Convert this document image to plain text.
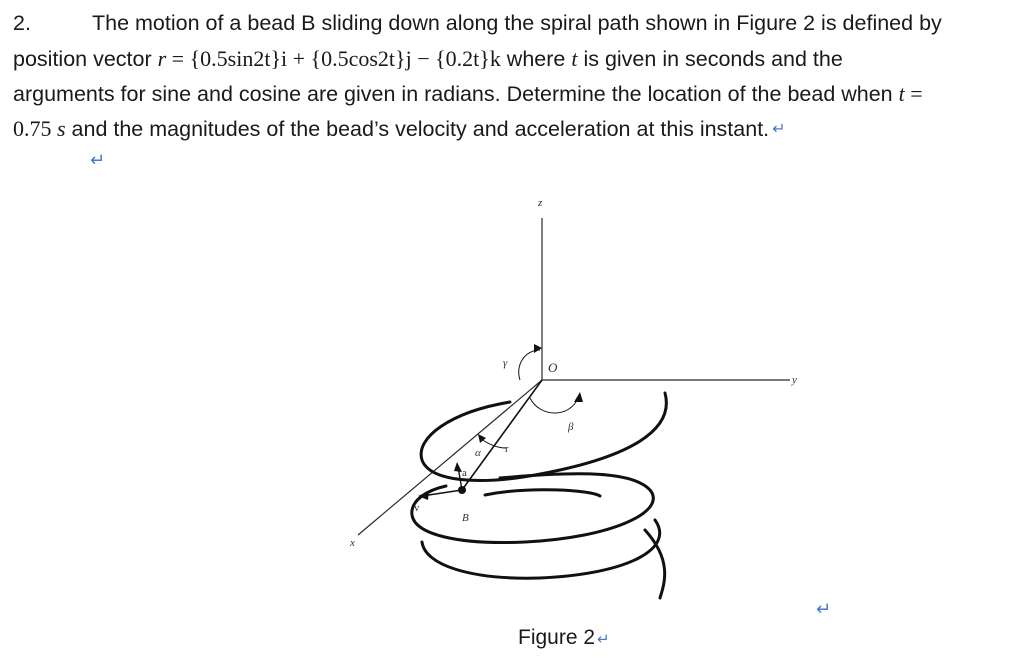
2.	The motion of a bead B sliding down along the spiral path shown in Figure 2 is defined by
position vector r = {0.5sin2t}i + {0.5cos2t}j − {0.2t}k where t is given in seconds and the
arguments for sine and cosine are given in radians. Determine the location of the bead when t =
0.75 s and the magnitudes of the bead’s velocity and acceleration at this instant. ↵
↵
↵
z
y
x
O
γ
β
α r
a
v
B
Figure 2 ↵
